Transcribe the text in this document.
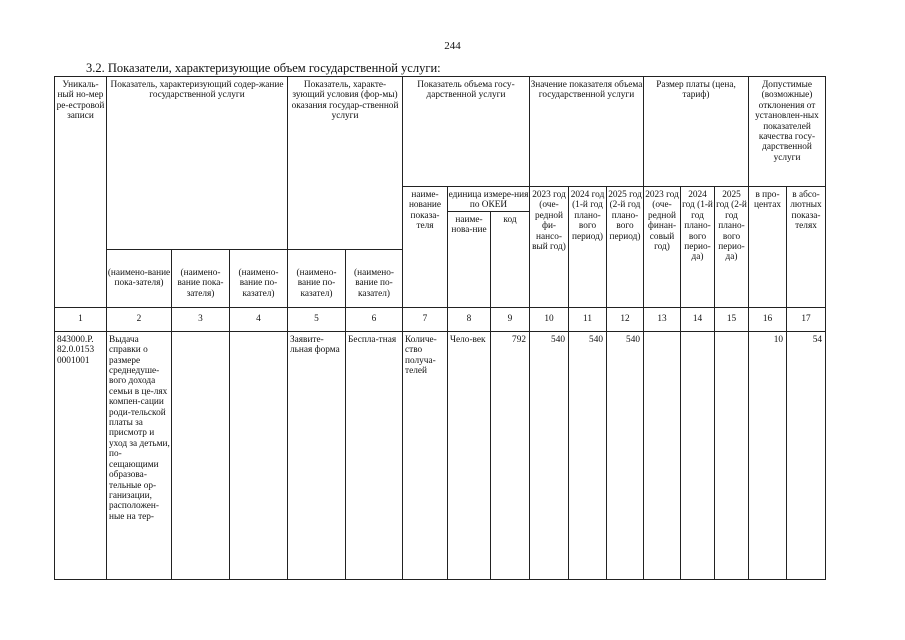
244
3.2. Показатели, характеризующие объем государственной услуги:
Уникаль-ный но-мер ре-естровой записи	Показатель, характеризующий содер-жание государственной услуги			Показатель, характе-зующий условия (фор-мы) оказания государ-ственной услуги		Показатель объема госу-дарственной услуги			Значение показателя объема государственной услуги			Размер платы (цена, тариф)			Допустимые (возможные) отклонения от установлен-ных показателей качества госу-дарственной услуги	
						наиме-нование показа-теля	единица измере-ния по ОКЕИ		2023 год (оче-редной фи-нансо-вый год)	2024 год (1-й год плано-вого период)	2025 год (2-й год плано-вого период)	2023 год (оче-редной финан-совый год)	2024 год (1-й год плано-вого перио-да)	2025 год (2-й год плано-вого перио-да)	в про-центах	в абсо-лютных показа-телях
							наиме-нова-ние	код								
	(наимено-вание пока-зателя)	(наимено-вание пока-зателя)	(наимено-вание по-казател)	(наимено-вание по-казател)	(наимено-вание по-казател)											
1	2	3	4	5	6	7	8	9	10	11	12	13	14	15	16	17
843000.Р. 82.0.0153 0001001	Выдача справки о размере среднедуше-вого дохода семьи в це-лях компен-сации роди-тельской платы за присмотр и уход за детьми, по-сещающими образова-тельные ор-ганизации, расположен-ные на тер-			Заявите-льная форма	Беспла-тная	Количе-ство получа-телей	Чело-век	792	540	540	540				10	54
